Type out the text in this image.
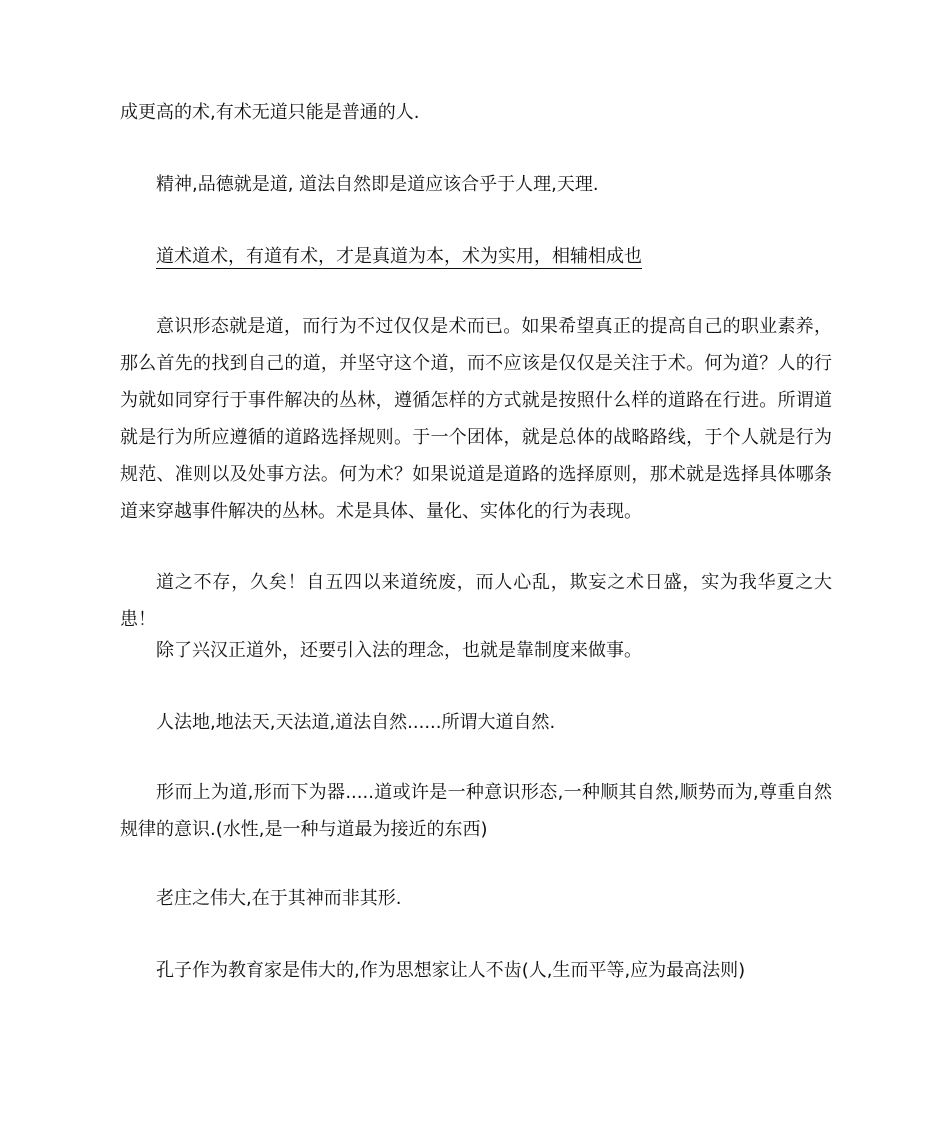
成更高的术,有术无道只能是普通的人.

精神,品德就是道, 道法自然即是道应该合乎于人理,天理.

道术道术，有道有术，才是真道为本，术为实用，相辅相成也

意识形态就是道，而行为不过仅仅是术而已。如果希望真正的提高自己的职业素养，那么首先的找到自己的道，并坚守这个道，而不应该是仅仅是关注于术。何为道？人的行为就如同穿行于事件解决的丛林，遵循怎样的方式就是按照什么样的道路在行进。所谓道就是行为所应遵循的道路选择规则。于一个团体，就是总体的战略路线，于个人就是行为规范、准则以及处事方法。何为术？如果说道是道路的选择原则，那术就是选择具体哪条道来穿越事件解决的丛林。术是具体、量化、实体化的行为表现。

道之不存，久矣！自五四以来道统废，而人心乱，欺妄之术日盛，实为我华夏之大患！

除了兴汉正道外，还要引入法的理念，也就是靠制度来做事。

人法地,地法天,天法道,道法自然......所谓大道自然.

形而上为道,形而下为器.....道或许是一种意识形态,一种顺其自然,顺势而为,尊重自然规律的意识.(水性,是一种与道最为接近的东西)

老庄之伟大,在于其神而非其形.

孔子作为教育家是伟大的,作为思想家让人不齿(人,生而平等,应为最高法则)
